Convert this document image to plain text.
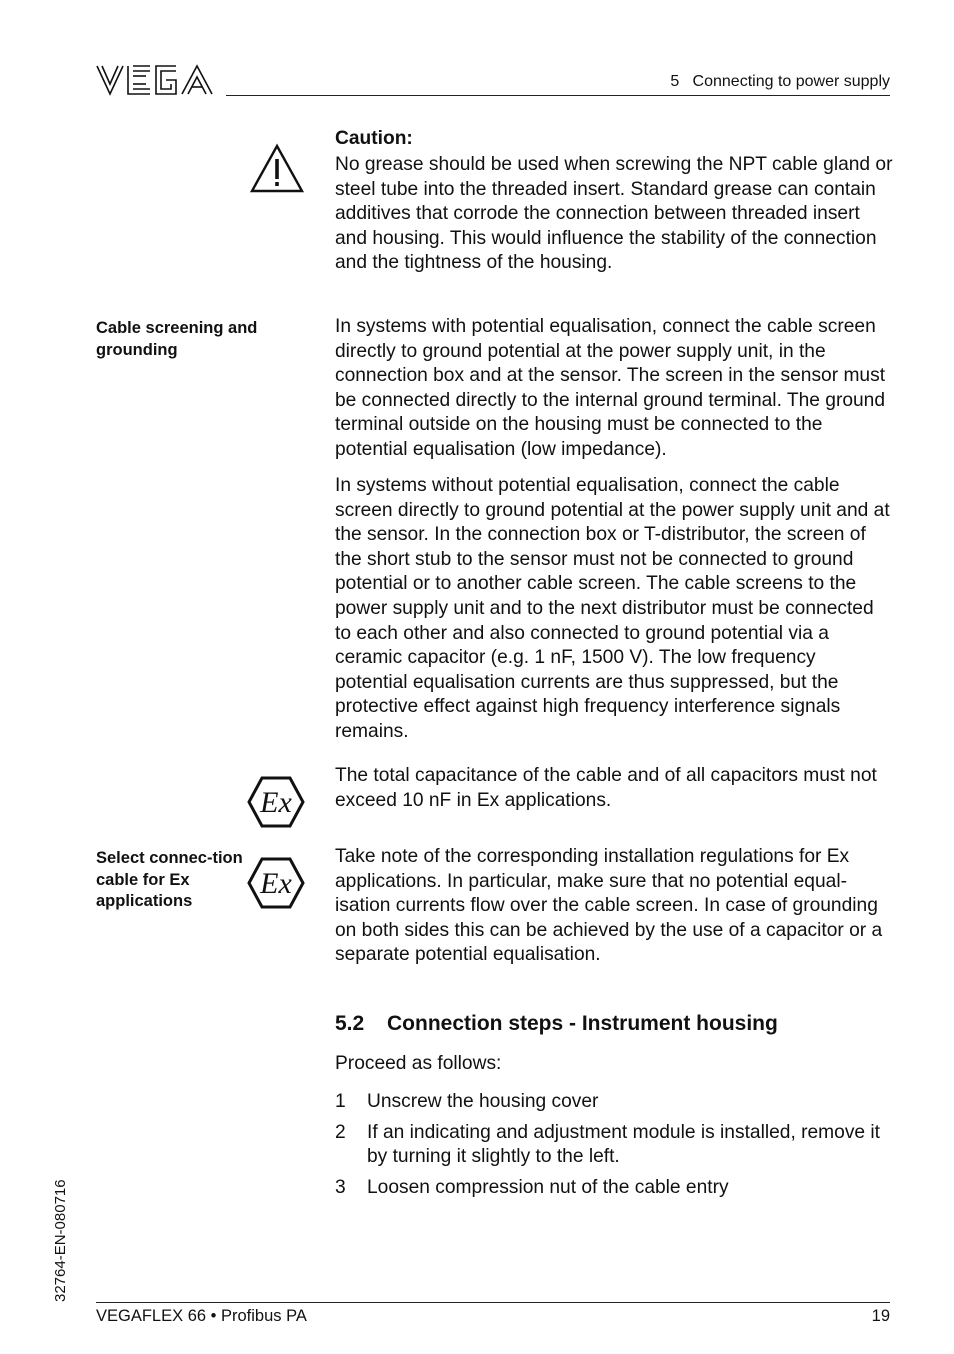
5   Connecting to power supply
Caution:
No grease should be used when screwing the NPT cable gland or steel tube into the threaded insert. Standard grease can contain additives that corrode the connection between threaded insert and housing. This would influence the stability of the connection and the tightness of the housing.
Cable screening and grounding
In systems with potential equalisation, connect the cable screen directly to ground potential at the power supply unit, in the connection box and at the sensor. The screen in the sensor must be connected directly to the internal ground terminal. The ground terminal outside on the housing must be connected to the potential equalisation (low impedance).
In systems without potential equalisation, connect the cable screen directly to ground potential at the power supply unit and at the sensor. In the connection box or T-distributor, the screen of the short stub to the sensor must not be connected to ground potential or to another cable screen. The cable screens to the power supply unit and to the next distributor must be connected to each other and also connected to ground potential via a ceramic capacitor (e.g. 1 nF, 1500 V). The low frequency potential equalisation currents are thus suppressed, but the protective effect against high frequency interference signals remains.
Ex
The total capacitance of the cable and of all capacitors must not exceed 10 nF in Ex applications.
Select connec-tion cable for Ex applications
Ex
Take note of the corresponding installation regulations for Ex applications. In particular, make sure that no potential equal-isation currents flow over the cable screen. In case of grounding on both sides this can be achieved by the use of a capacitor or a separate potential equalisation.
5.2 Connection steps - Instrument housing
Proceed as follows:
1	Unscrew the housing cover
2	If an indicating and adjustment module is installed, remove it by turning it slightly to the left.
3	Loosen compression nut of the cable entry
32764-EN-080716
VEGAFLEX 66 • Profibus PA	19
